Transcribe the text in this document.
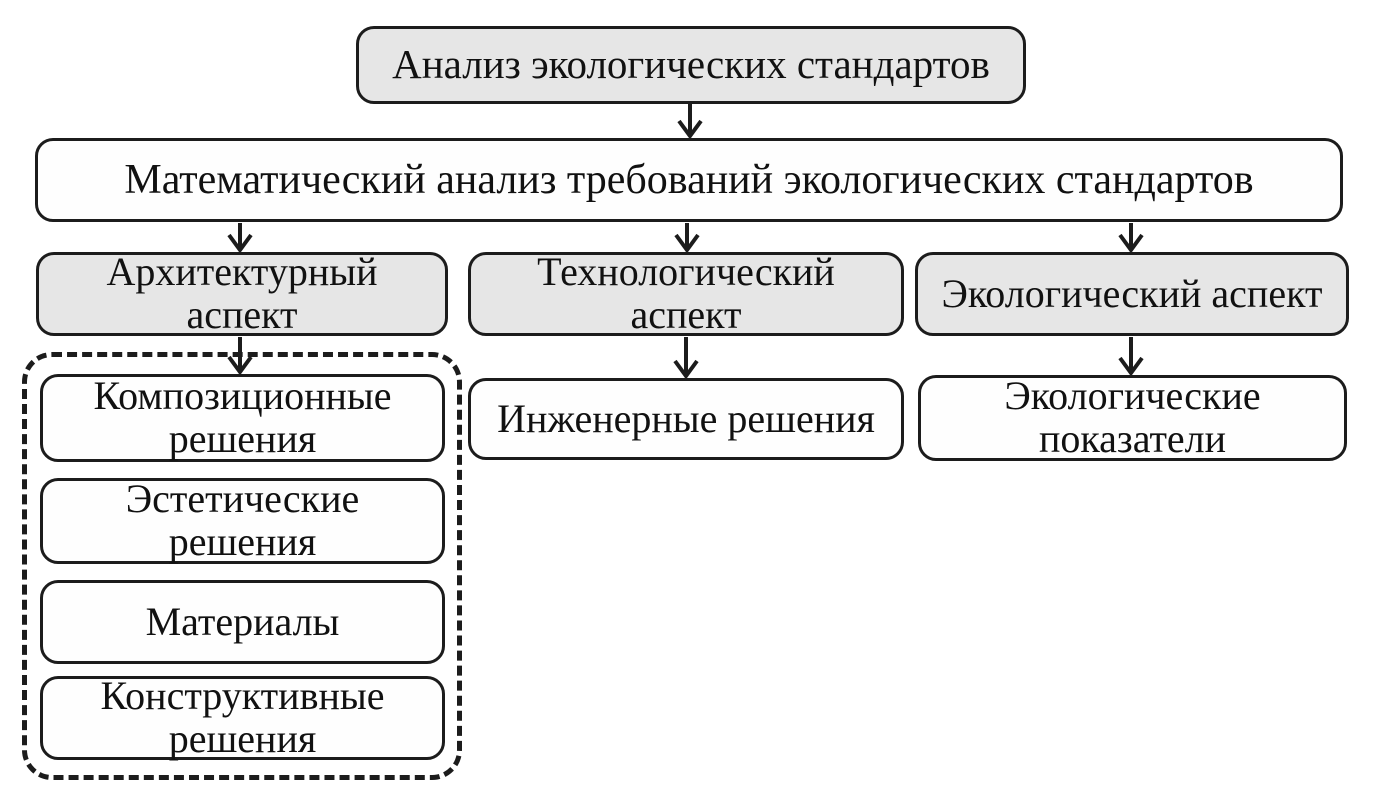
Анализ экологических стандартов
Математический анализ требований экологических стандартов
Архитектурный аспект
Технологический аспект	Экологический аспект
Композиционные решения
Эстетические решения
Материалы
Конструктивные решения
Инженерные решения	Экологические показатели
